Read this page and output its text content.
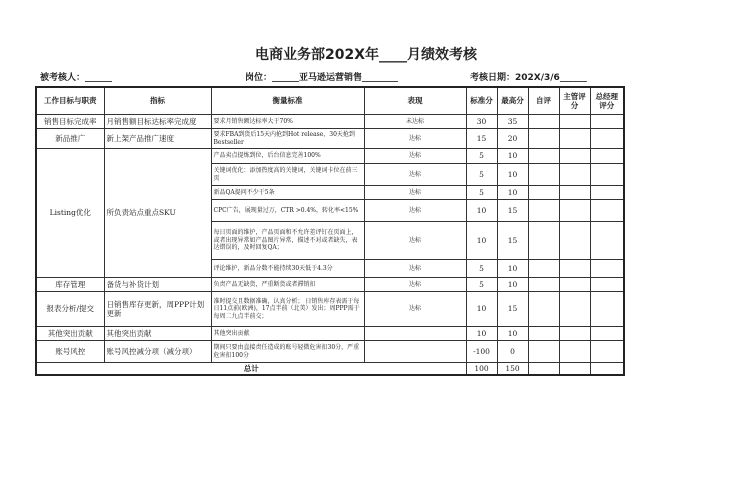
电商业务部202X年____月绩效考核
被考核人：______	岗位：______亚马逊运营销售________	考核日期：202X/3/6______
工作目标与职责	指标	衡量标准	表现	标准分	最高分	自评	主管评分	总经理评分
销售目标完成率	月销售额目标达标率完成度	要求月销售额达标率大于70%	未达标	30	35			
新品推广	新上架产品推广速度	要求FBA到货后15天内抢到Hot release，30天抢到Bestseller	达标	15	20			
Listing优化	所负责站点重点SKU	产品卖点提炼到位，后台信息完善100%	达标	5	10			
		关键词优化：添加热度高的关键词，关键词卡位在前三页	达标	5	10			
		新品QA提问不少于5条	达标	5	10			
		CPC广告，展现量过万，CTR >0.4%，转化率<15%	达标	10	15			
		每日页面的维护，产品页面和不允许差评钉在页面上，或者出现异常如产品图片异常，描述不对或者缺失，表达错误的，及时回复QA；	达标	10	15			
		评论维护，新品分数不能持续30天低于4.3分	达标	5	10			
库存管理	备货与补货计划	负责产品无缺货，严重断货或者滞销扣	达标	5	10			
报表分析/提交	日销售库存更新，周PPP计划更新	准时提交且数据准确，认真分析； 日销售库存表需于每日11点前(欧洲)，17点半前（北美）发出；周PPP需于每周二九点半前交；	达标	10	15			
其他突出贡献	其他突出贡献	其他突出贡献		10	10			
账号风控	账号风控减分项（减分项）	期间只要由直接责任造成的账号轻微危害扣30分，严重危害扣100分		-100	0			
总计				100	150			
